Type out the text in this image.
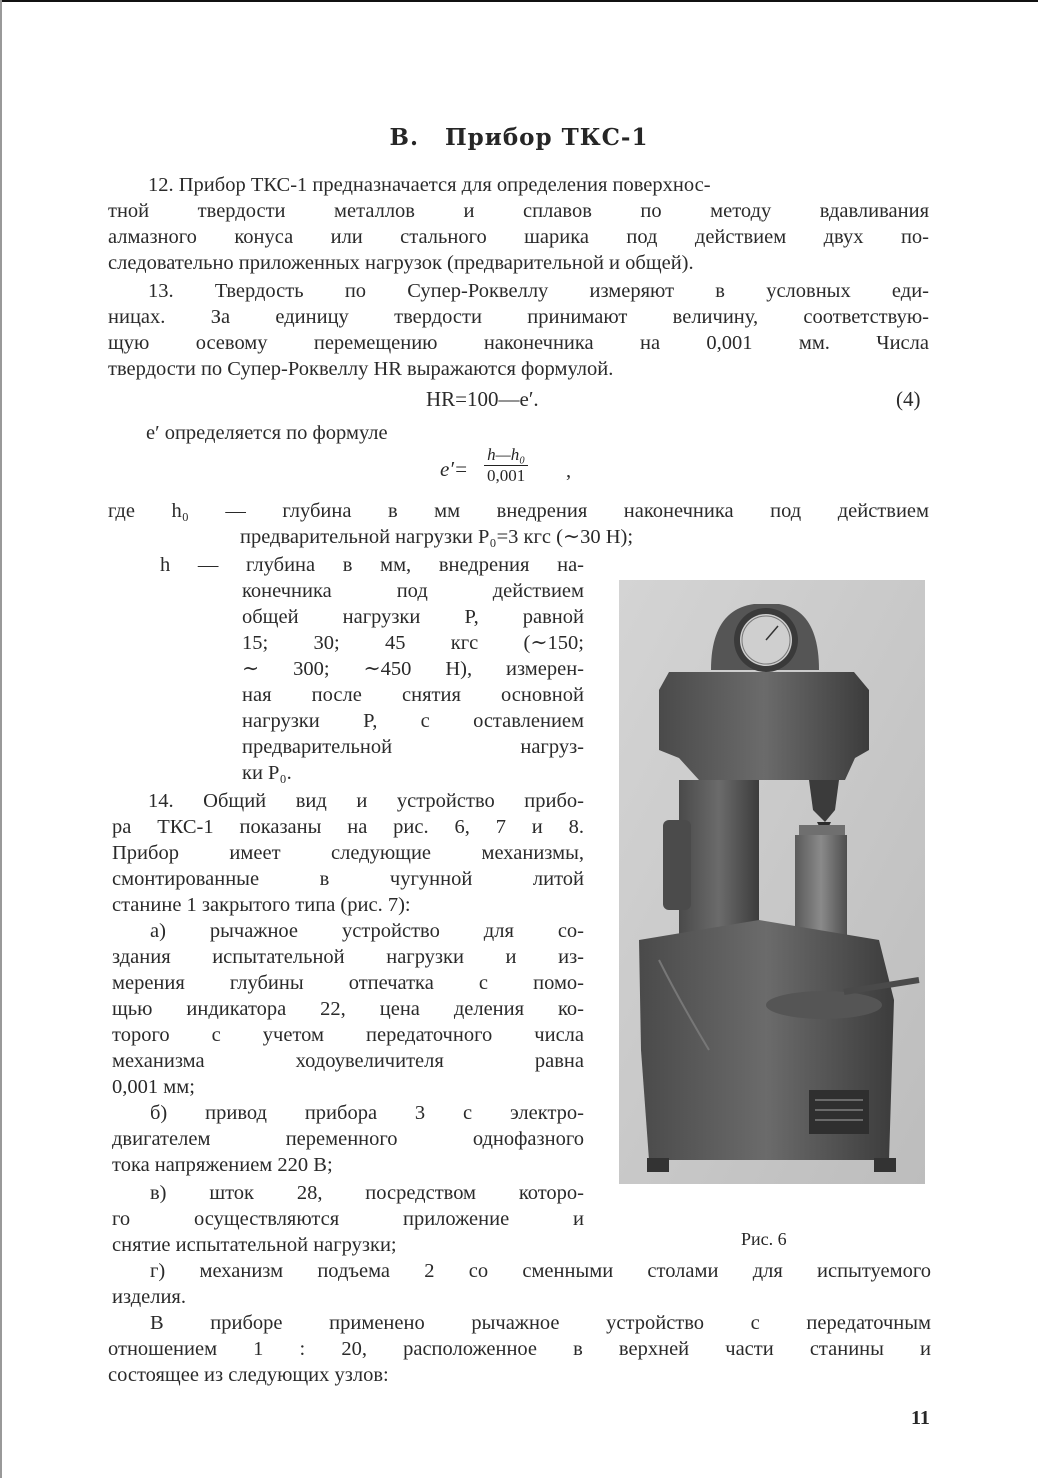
В. Прибор ТКС-1
12. Прибор ТКС-1 предназначается для определения поверхнос-
тной твердости металлов и сплавов по методу вдавливания
алмазного конуса или стального шарика под действием двух по-
следовательно приложенных нагрузок (предварительной и общей).
13. Твердость по Супер-Роквеллу измеряют в условных еди-
ницах. За единицу твердости принимают величину, соответствую-
щую осевому перемещению наконечника на 0,001 мм. Числа
твердости по Супер-Роквеллу HR выражаются формулой.
HR=100—e′.	(4)
e′ определяется по формуле
$e'= \frac{\text{h—h₀}}{0,001}$ ,
где h₀ — глубина в мм внедрения наконечника под действием
предварительной нагрузки P₀=3 кгс (∼30 Н);
h — глубина в мм, внедрения на-
конечника под действием
общей нагрузки P, равной
15; 30; 45 кгс (∼150;
∼ 300; ∼450 Н), измерен-
ная после снятия основной
нагрузки P, с оставлением
предварительной нагруз-
ки P₀.
14. Общий вид и устройство прибо-
ра ТКС-1 показаны на рис. 6, 7 и 8.
Прибор имеет следующие механизмы,
смонтированные в чугунной литой
станине 1 закрытого типа (рис. 7):
а) рычажное устройство для со-
здания испытательной нагрузки и из-
мерения глубины отпечатка с помо-
щью индикатора 22, цена деления ко-
торого с учетом передаточного числа
механизма ходоувеличителя равна
0,001 мм;
б) привод прибора 3 с электро-
двигателем переменного однофазного
тока напряжением 220 В;
в) шток 28, посредством которо-
го осуществляются приложение и
снятие испытательной нагрузки;
г) механизм подъема 2 со сменными столами для испытуемого
изделия.
В приборе применено рычажное устройство с передаточным
отношением 1 : 20, расположенное в верхней части станины и
состоящее из следующих узлов:
Рис. 6
11
